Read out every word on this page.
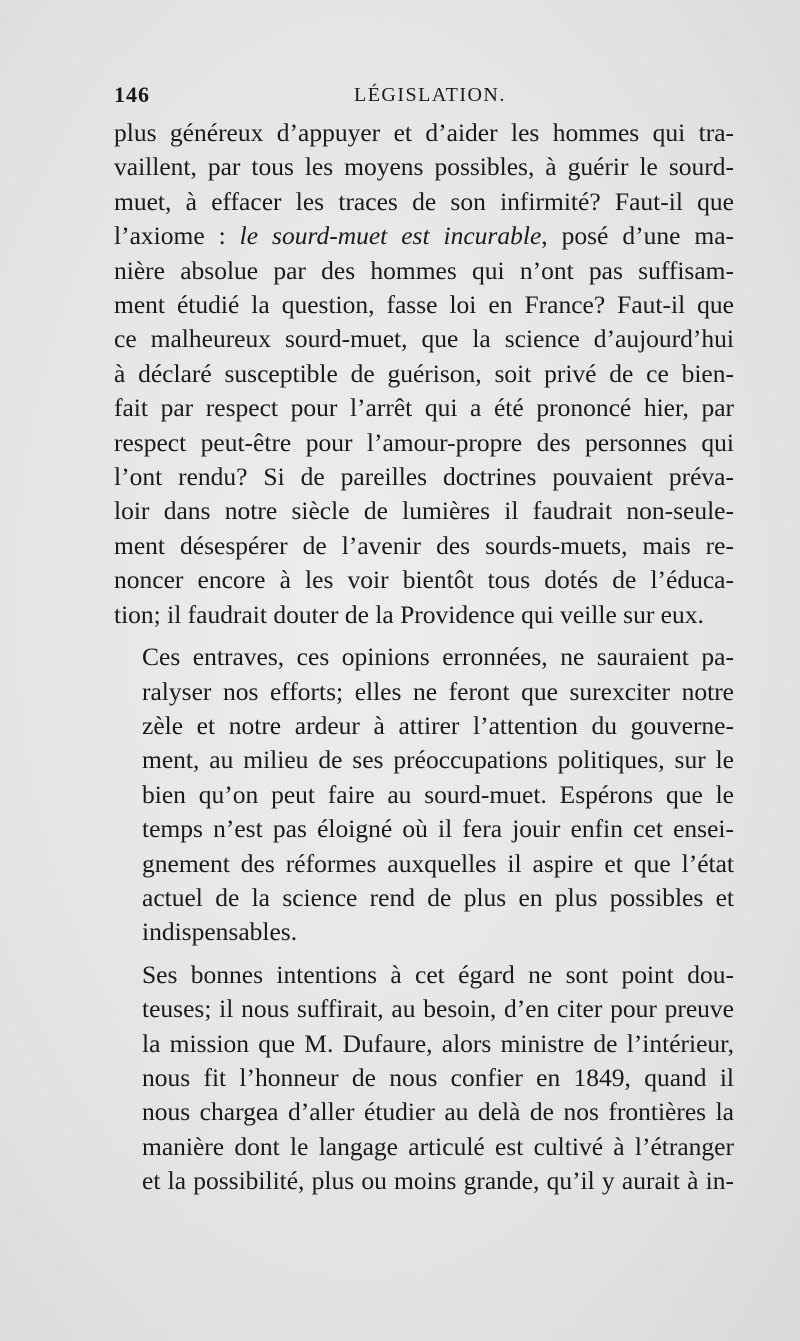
146	LÉGISLATION.

plus généreux d’appuyer et d’aider les hommes qui tra-
vaillent, par tous les moyens possibles, à guérir le sourd-
muet, à effacer les traces de son infirmité? Faut-il que
l’axiome : le sourd-muet est incurable, posé d’une ma-
nière absolue par des hommes qui n’ont pas suffisam-
ment étudié la question, fasse loi en France? Faut-il que
ce malheureux sourd-muet, que la science d’aujourd’hui
à déclaré susceptible de guérison, soit privé de ce bien-
fait par respect pour l’arrêt qui a été prononcé hier, par
respect peut-être pour l’amour-propre des personnes qui
l’ont rendu? Si de pareilles doctrines pouvaient préva-
loir dans notre siècle de lumières il faudrait non-seule-
ment désespérer de l’avenir des sourds-muets, mais re-
noncer encore à les voir bientôt tous dotés de l’éduca-
tion; il faudrait douter de la Providence qui veille sur eux.

Ces entraves, ces opinions erronnées, ne sauraient pa-
ralyser nos efforts; elles ne feront que surexciter notre
zèle et notre ardeur à attirer l’attention du gouverne-
ment, au milieu de ses préoccupations politiques, sur le
bien qu’on peut faire au sourd-muet. Espérons que le
temps n’est pas éloigné où il fera jouir enfin cet ensei-
gnement des réformes auxquelles il aspire et que l’état
actuel de la science rend de plus en plus possibles et
indispensables.

Ses bonnes intentions à cet égard ne sont point dou-
teuses; il nous suffirait, au besoin, d’en citer pour preuve
la mission que M. Dufaure, alors ministre de l’intérieur,
nous fit l’honneur de nous confier en 1849, quand il
nous chargea d’aller étudier au delà de nos frontières la
manière dont le langage articulé est cultivé à l’étranger
et la possibilité, plus ou moins grande, qu’il y aurait à in-
